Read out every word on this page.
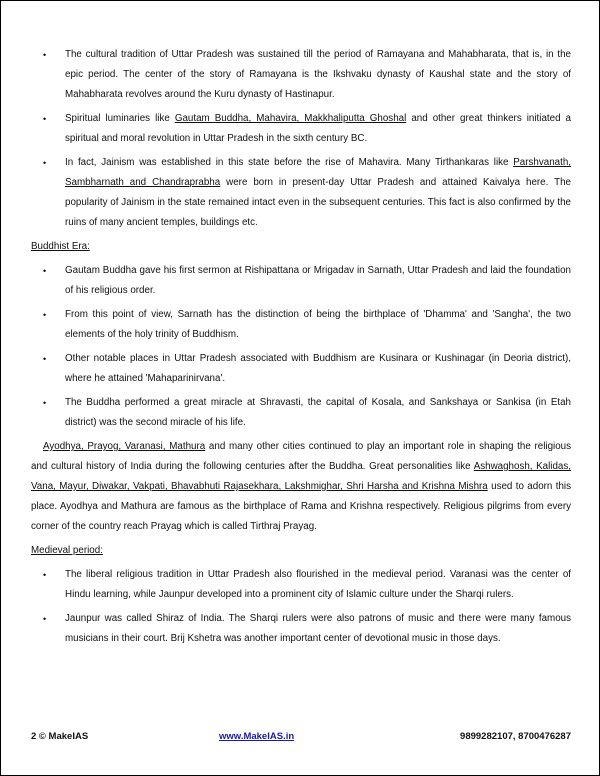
• The cultural tradition of Uttar Pradesh was sustained till the period of Ramayana and Mahabharata, that is, in the epic period. The center of the story of Ramayana is the Ikshvaku dynasty of Kaushal state and the story of Mahabharata revolves around the Kuru dynasty of Hastinapur.
• Spiritual luminaries like Gautam Buddha, Mahavira, Makkhaliputta Ghoshal and other great thinkers initiated a spiritual and moral revolution in Uttar Pradesh in the sixth century BC.
• In fact, Jainism was established in this state before the rise of Mahavira. Many Tirthankaras like Parshvanath, Sambharnath and Chandraprabha were born in present-day Uttar Pradesh and attained Kaivalya here. The popularity of Jainism in the state remained intact even in the subsequent centuries. This fact is also confirmed by the ruins of many ancient temples, buildings etc.
Buddhist Era:
• Gautam Buddha gave his first sermon at Rishipattana or Mrigadav in Sarnath, Uttar Pradesh and laid the foundation of his religious order.
• From this point of view, Sarnath has the distinction of being the birthplace of 'Dhamma' and 'Sangha', the two elements of the holy trinity of Buddhism.
• Other notable places in Uttar Pradesh associated with Buddhism are Kusinara or Kushinagar (in Deoria district), where he attained 'Mahaparinirvana'.
• The Buddha performed a great miracle at Shravasti, the capital of Kosala, and Sankshaya or Sankisa (in Etah district) was the second miracle of his life.

Ayodhya, Prayog, Varanasi, Mathura and many other cities continued to play an important role in shaping the religious and cultural history of India during the following centuries after the Buddha. Great personalities like Ashwaghosh, Kalidas, Vana, Mayur, Diwakar, Vakpati, Bhavabhuti Rajasekhara, Lakshmighar, Shri Harsha and Krishna Mishra used to adorn this place. Ayodhya and Mathura are famous as the birthplace of Rama and Krishna respectively. Religious pilgrims from every corner of the country reach Prayag which is called Tirthraj Prayag.

Medieval period:
• The liberal religious tradition in Uttar Pradesh also flourished in the medieval period. Varanasi was the center of Hindu learning, while Jaunpur developed into a prominent city of Islamic culture under the Sharqi rulers.
• Jaunpur was called Shiraz of India. The Sharqi rulers were also patrons of music and there were many famous musicians in their court. Brij Kshetra was another important center of devotional music in those days.
2 © MakeIAS	www.MakeIAS.in	9899282107, 8700476287
